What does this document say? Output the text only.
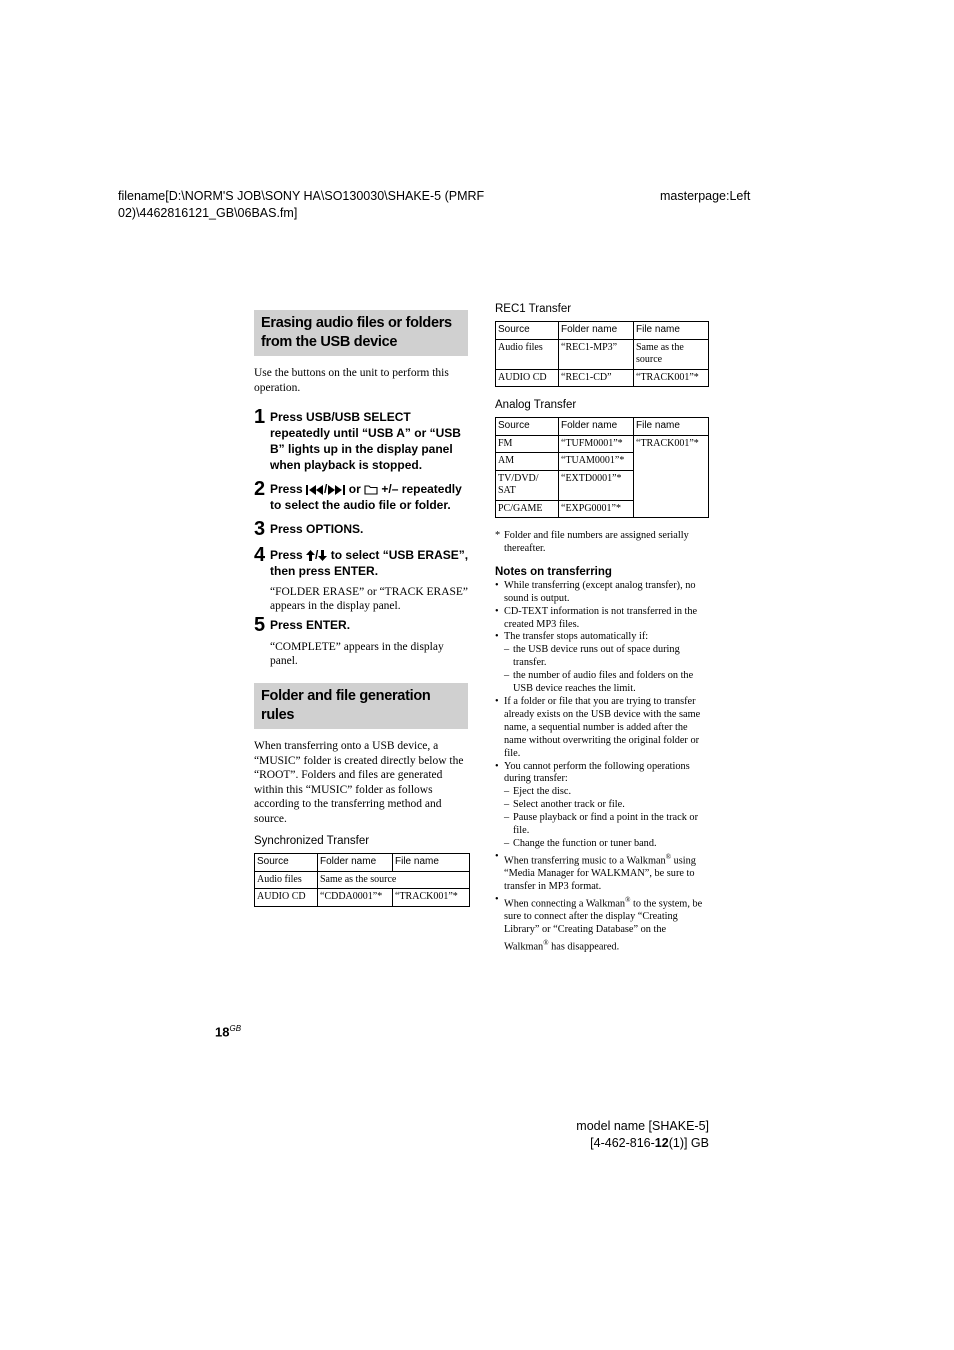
filename[D:\NORM'S JOB\SONY HA\SO130030\SHAKE-5 (PMRF
02)\4462816121_GB\06BAS.fm]
masterpage:Left
Erasing audio files or folders
from the USB device
Use the buttons on the unit to perform this operation.
1 Press USB/USB SELECT repeatedly until “USB A” or “USB B” lights up in the display panel when playback is stopped.
2 Press / or +/– repeatedly to select the audio file or folder.
3 Press OPTIONS.
4 Press / to select “USB ERASE”, then press ENTER.
“FOLDER ERASE” or “TRACK ERASE” appears in the display panel.
5 Press ENTER.
“COMPLETE” appears in the display panel.
Folder and file generation
rules
When transferring onto a USB device, a “MUSIC” folder is created directly below the “ROOT”. Folders and files are generated within this “MUSIC” folder as follows according to the transferring method and source.
Synchronized Transfer
Source	Folder name	File name
Audio files	Same as the source	
AUDIO CD	“CDDA0001”*	“TRACK001”*
REC1 Transfer
Source	Folder name	File name
Audio files	“REC1-MP3”	Same as the source
AUDIO CD	“REC1-CD”	“TRACK001”*
Analog Transfer
Source	Folder name	File name
FM	“TUFM0001”*	“TRACK001”*
AM	“TUAM0001”*	
TV/DVD/ SAT	“EXTD0001”*	
PC/GAME	“EXPG0001”*	
* Folder and file numbers are assigned serially thereafter.
Notes on transferring
• While transferring (except analog transfer), no sound is output.
• CD-TEXT information is not transferred in the created MP3 files.
• The transfer stops automatically if:
– the USB device runs out of space during transfer.
– the number of audio files and folders on the USB device reaches the limit.
• If a folder or file that you are trying to transfer already exists on the USB device with the same name, a sequential number is added after the name without overwriting the original folder or file.
• You cannot perform the following operations during transfer:
– Eject the disc.
– Select another track or file.
– Pause playback or find a point in the track or file.
– Change the function or tuner band.
• When transferring music to a Walkman® using “Media Manager for WALKMAN”, be sure to transfer in MP3 format.
• When connecting a Walkman® to the system, be sure to connect after the display “Creating Library” or “Creating Database” on the Walkman® has disappeared.
$18^{GB}$
model name [SHAKE-5]
[4-462-816-12(1)] GB
